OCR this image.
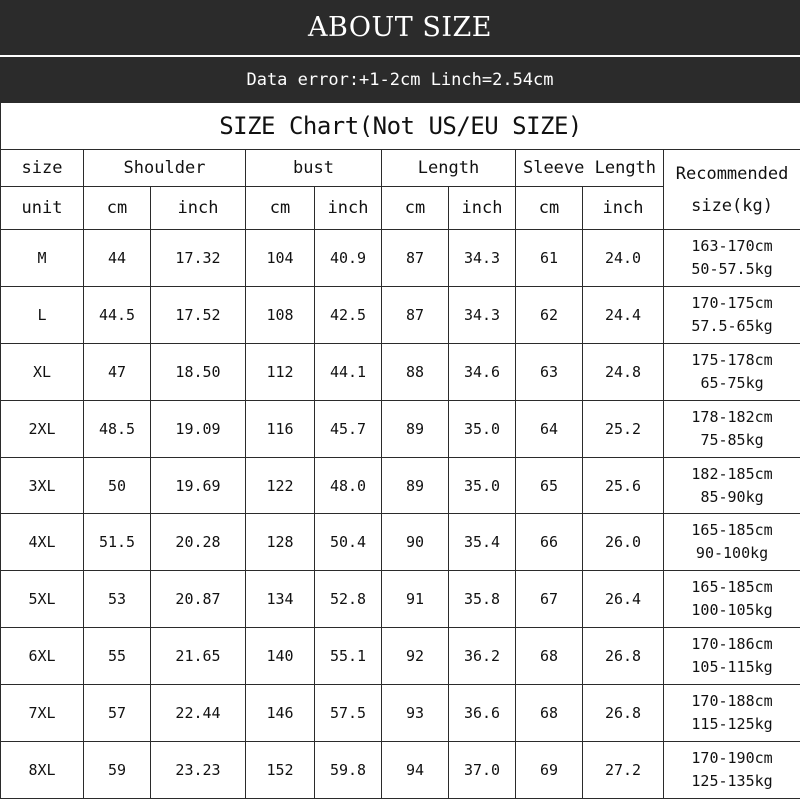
ABOUT SIZE
Data error:+1-2cm Linch=2.54cm
SIZE Chart(Not US/EU SIZE)									
size	Shoulder		bust		Length		Sleeve Length		Recommended
size(kg)

unit	cm	inch	cm	inch	cm	inch	cm	inch	
M	44	17.32	104	40.9	87	34.3	61	24.0	163-170cm
50-57.5kg

L	44.5	17.52	108	42.5	87	34.3	62	24.4	170-175cm
57.5-65kg

XL	47	18.50	112	44.1	88	34.6	63	24.8	175-178cm
65-75kg

2XL	48.5	19.09	116	45.7	89	35.0	64	25.2	178-182cm
75-85kg

3XL	50	19.69	122	48.0	89	35.0	65	25.6	182-185cm
85-90kg

4XL	51.5	20.28	128	50.4	90	35.4	66	26.0	165-185cm
90-100kg

5XL	53	20.87	134	52.8	91	35.8	67	26.4	165-185cm
100-105kg

6XL	55	21.65	140	55.1	92	36.2	68	26.8	170-186cm
105-115kg

7XL	57	22.44	146	57.5	93	36.6	68	26.8	170-188cm
115-125kg

8XL	59	23.23	152	59.8	94	37.0	69	27.2	170-190cm
125-135kg
